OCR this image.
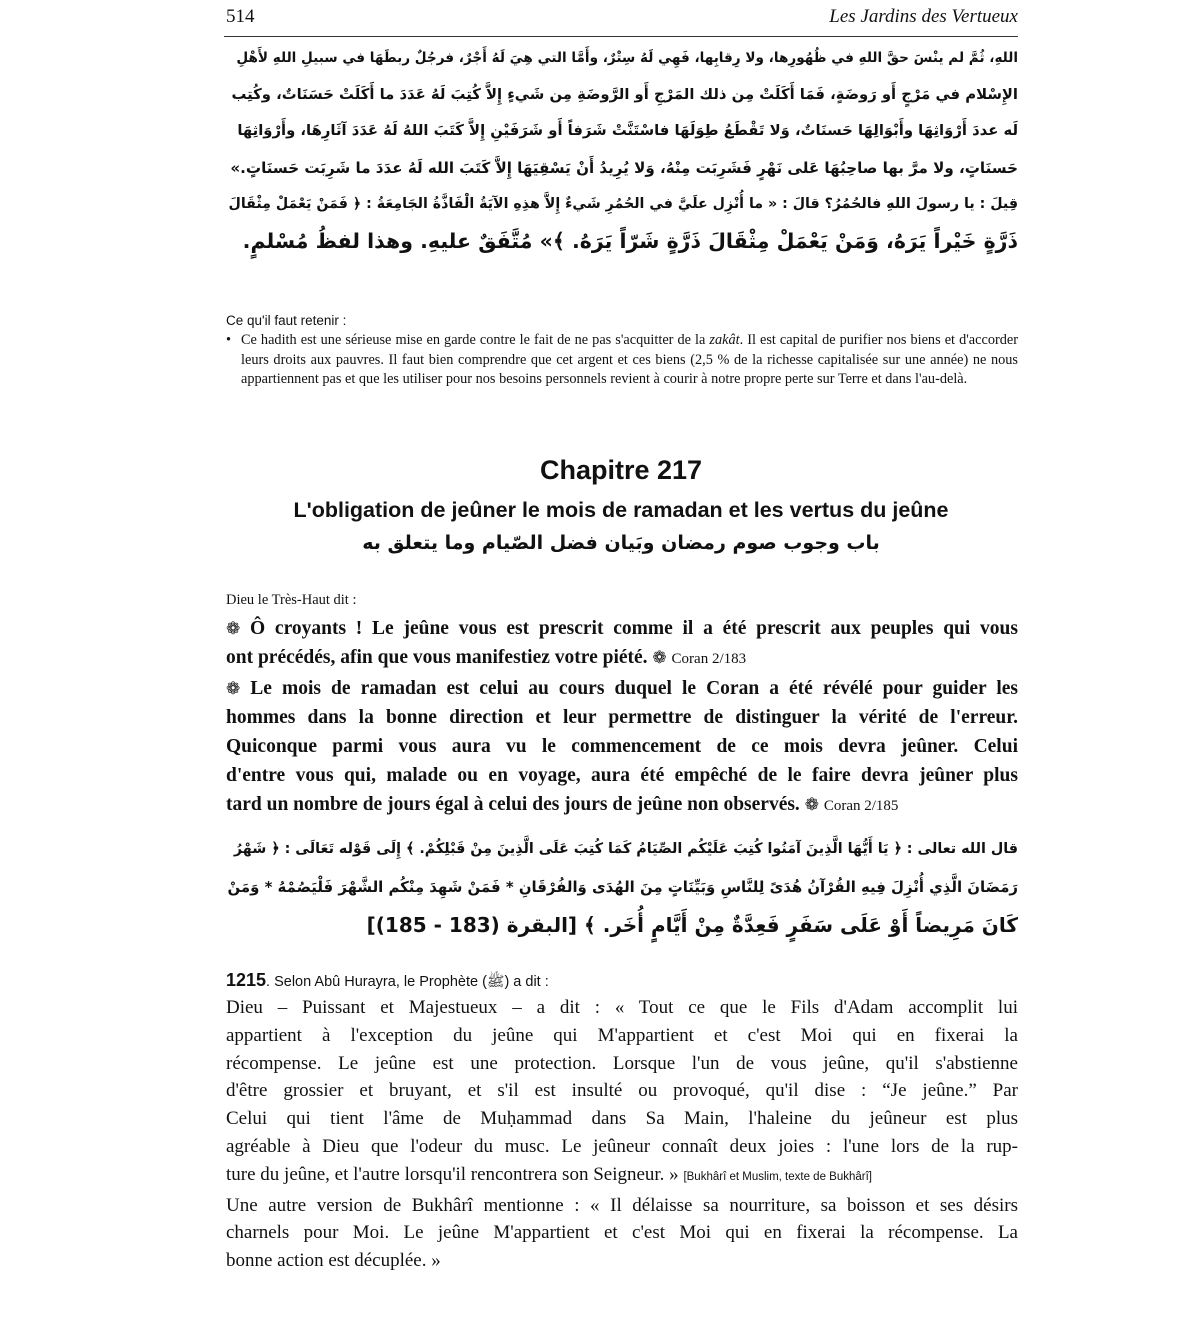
514	Les Jardins des Vertueux

اللهِ، ثُمَّ لم ينْسَ حقَّ اللهِ في ظُهُورِها، ولا رِقابِها، فَهِي لَهُ سِتْرٌ، وأَمَّا التي هِيَ لَهُ أَجْرٌ، فرجُلٌ ربطَهَا في سبيلِ اللهِ لأَهْلِ

الإِسْلام في مَرْجٍ أَو رَوضَةٍ، فَمَا أَكَلَتْ مِن ذلك المَرْجِ أَو الرَّوضَةِ مِن شَيءٍ إِلاَّ كُتِبَ لَهُ عَدَدَ ما أَكَلَتْ حَسَنَاتٌ، وكُتِب

لَه عددَ أَرْوَاثِهَا وأَبْوَالِهَا حَسنَاتٌ، وَلا تَقْطَعُ طِوَلَهَا فاسْتَنَّتْ شَرَفاً أَو شَرَفَيْنِ إِلاَّ كَتَبَ اللهُ لَهُ عَدَدَ آثَارِهَا، وأَرْوَاثِهَا

حَسنَاتٍ، ولا مرَّ بها صاحِبُهَا عَلى نَهْرٍ فَشَرِبَت مِنْهُ، وَلا يُرِيدُ أَنْ يَسْقِيَهَا إِلاَّ كَتَبَ الله لَهُ عدَدَ ما شَرِبَت حَسنَاتٍ.»

قِيلَ : يا رسولَ اللهِ فالحُمُرُ؟ قالَ : « ما أُنْزِل علَيَّ في الحُمُرِ شَيءٌ إِلاَّ هذِهِ الآيَةُ الْفَاذَّةُ الجَامِعَةُ : ﴿ فَمَنْ يَعْمَلْ مِثْقَالَ

ذَرَّةٍ خَيْراً يَرَهُ، وَمَنْ يَعْمَلْ مِثْقَالَ ذَرَّةٍ شَرّاً يَرَهُ. ﴾» مُتَّفَقٌ عليهِ. وهذا لفظُ مُسْلمٍ.

Ce qu'il faut retenir :
• Ce hadith est une sérieuse mise en garde contre le fait de ne pas s'acquitter de la zakât. Il est capital de purifier nos biens et d'accorder leurs droits aux pauvres. Il faut bien comprendre que cet argent et ces biens (2,5 % de la richesse capitalisée sur une année) ne nous appartiennent pas et que les utiliser pour nos besoins personnels revient à courir à notre propre perte sur Terre et dans l'au-delà.
Chapitre 217
L'obligation de jeûner le mois de ramadan et les vertus du jeûne
باب وجوب صوم رمضان وبَيان فضل الصّيام وما يتعلق به
Dieu le Très-Haut dit :

❁ Ô croyants ! Le jeûne vous est prescrit comme il a été prescrit aux peuples qui vous

ont précédés, afin que vous manifestiez votre piété. ❁ Coran 2/183

❁ Le mois de ramadan est celui au cours duquel le Coran a été révélé pour guider les

hommes dans la bonne direction et leur permettre de distinguer la vérité de l'erreur.

Quiconque parmi vous aura vu le commencement de ce mois devra jeûner. Celui

d'entre vous qui, malade ou en voyage, aura été empêché de le faire devra jeûner plus

tard un nombre de jours égal à celui des jours de jeûne non observés. ❁ Coran 2/185

قال الله تعالى : ﴿ يَا أَيُّهَا الَّذِينَ آمَنُوا كُتِبَ عَلَيْكُم الصِّيَامُ كَمَا كُتِبَ عَلَى الَّذِينَ مِنْ قَبْلِكُمْ. ﴾ إِلَى قَوْله تَعَالَى : ﴿ شَهْرُ

رَمَضَانَ الَّذِي أُنْزِلَ فِيهِ القُرْآنُ هُدَىً لِلنَّاسِ وَبَيِّنَاتٍ مِنَ الهُدَى وَالفُرْقَانِ * فَمَنْ شَهِدَ مِنْكُم الشَّهْرَ فَلْيَصُمْهُ * وَمَنْ

كَانَ مَرِيضاً أَوْ عَلَى سَفَرٍ فَعِدَّةٌ مِنْ أَيَّامٍ أُخَر. ﴾ [البقرة (183 - 185)]

1215. Selon Abû Hurayra, le Prophète (ﷺ) a dit :

Dieu – Puissant et Majestueux – a dit : « Tout ce que le Fils d'Adam accomplit lui

appartient à l'exception du jeûne qui M'appartient et c'est Moi qui en fixerai la

récompense. Le jeûne est une protection. Lorsque l'un de vous jeûne, qu'il s'abstienne

d'être grossier et bruyant, et s'il est insulté ou provoqué, qu'il dise : “Je jeûne.” Par

Celui qui tient l'âme de Muḥammad dans Sa Main, l'haleine du jeûneur est plus

agréable à Dieu que l'odeur du musc. Le jeûneur connaît deux joies : l'une lors de la rup-

ture du jeûne, et l'autre lorsqu'il rencontrera son Seigneur. » [Bukhârî et Muslim, texte de Bukhârî]

Une autre version de Bukhârî mentionne : « Il délaisse sa nourriture, sa boisson et ses désirs

charnels pour Moi. Le jeûne M'appartient et c'est Moi qui en fixerai la récompense. La

bonne action est décuplée. »
